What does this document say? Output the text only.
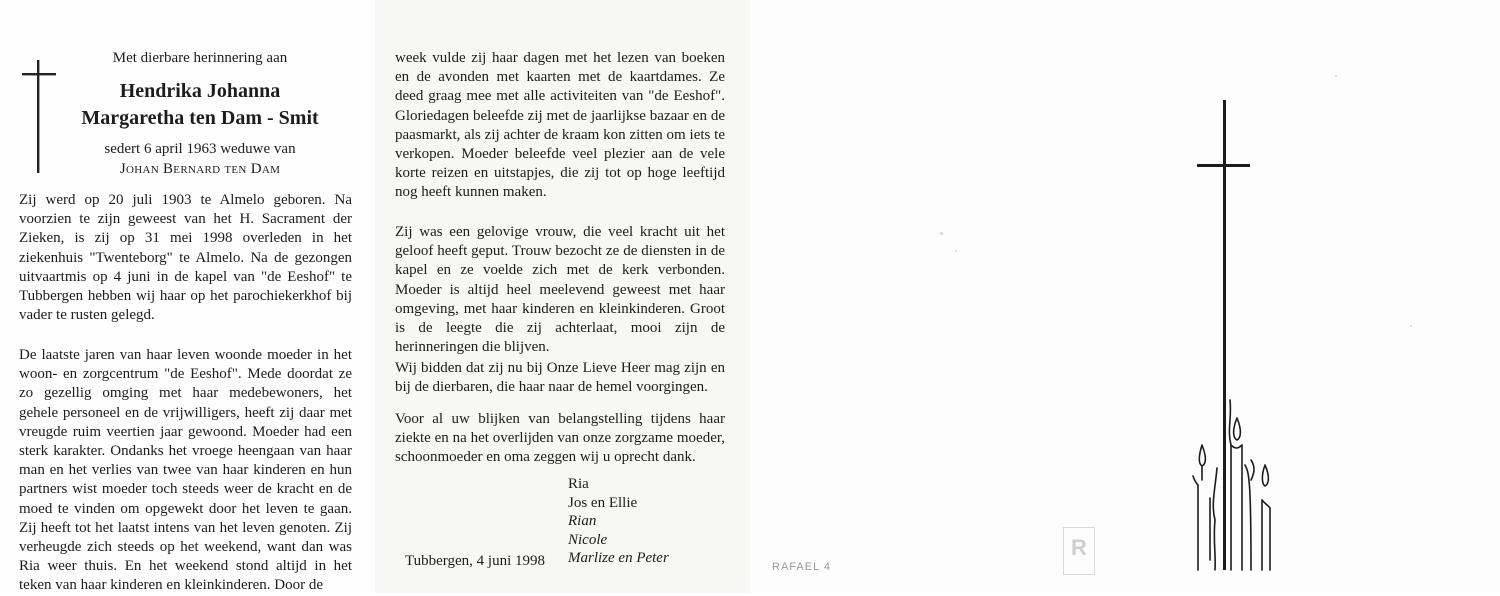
Met dierbare herinnering aan
Hendrika Johanna
Margaretha ten Dam - Smit
sedert 6 april 1963 weduwe van
Johan Bernard ten Dam

Zij werd op 20 juli 1903 te Almelo geboren. Na voorzien te zijn geweest van het H. Sacrament der Zieken, is zij op 31 mei 1998 overleden in het ziekenhuis "Twenteborg" te Almelo. Na de gezongen uitvaartmis op 4 juni in de kapel van "de Eeshof" te Tubbergen hebben wij haar op het parochiekerkhof bij vader te rusten gelegd.

De laatste jaren van haar leven woonde moeder in het woon- en zorgcentrum "de Eeshof". Mede doordat ze zo gezellig omging met haar medebewoners, het gehele personeel en de vrijwilligers, heeft zij daar met vreugde ruim veertien jaar gewoond. Moeder had een sterk karakter. Ondanks het vroege heengaan van haar man en het verlies van twee van haar kinderen en hun partners wist moeder toch steeds weer de kracht en de moed te vinden om opgewekt door het leven te gaan. Zij heeft tot het laatst intens van het leven genoten. Zij verheugde zich steeds op het weekend, want dan was Ria weer thuis. En het weekend stond altijd in het teken van haar kinderen en kleinkinderen. Door de

week vulde zij haar dagen met het lezen van boeken en de avonden met kaarten met de kaartdames. Ze deed graag mee met alle activiteiten van "de Eeshof". Gloriedagen beleefde zij met de jaarlijkse bazaar en de paasmarkt, als zij achter de kraam kon zitten om iets te verkopen. Moeder beleefde veel plezier aan de vele korte reizen en uitstapjes, die zij tot op hoge leeftijd nog heeft kunnen maken.

Zij was een gelovige vrouw, die veel kracht uit het geloof heeft geput. Trouw bezocht ze de diensten in de kapel en ze voelde zich met de kerk verbonden. Moeder is altijd heel meelevend geweest met haar omgeving, met haar kinderen en kleinkinderen. Groot is de leegte die zij achterlaat, mooi zijn de herinneringen die blijven.

Wij bidden dat zij nu bij Onze Lieve Heer mag zijn en bij de dierbaren, die haar naar de hemel voorgingen.

Voor al uw blijken van belangstelling tijdens haar ziekte en na het overlijden van onze zorgzame moeder, schoonmoeder en oma zeggen wij u oprecht dank.

Ria
Jos en Ellie
Rian
Nicole
Marlize en Peter
Tubbergen, 4 juni 1998
R
RAFAEL 4
